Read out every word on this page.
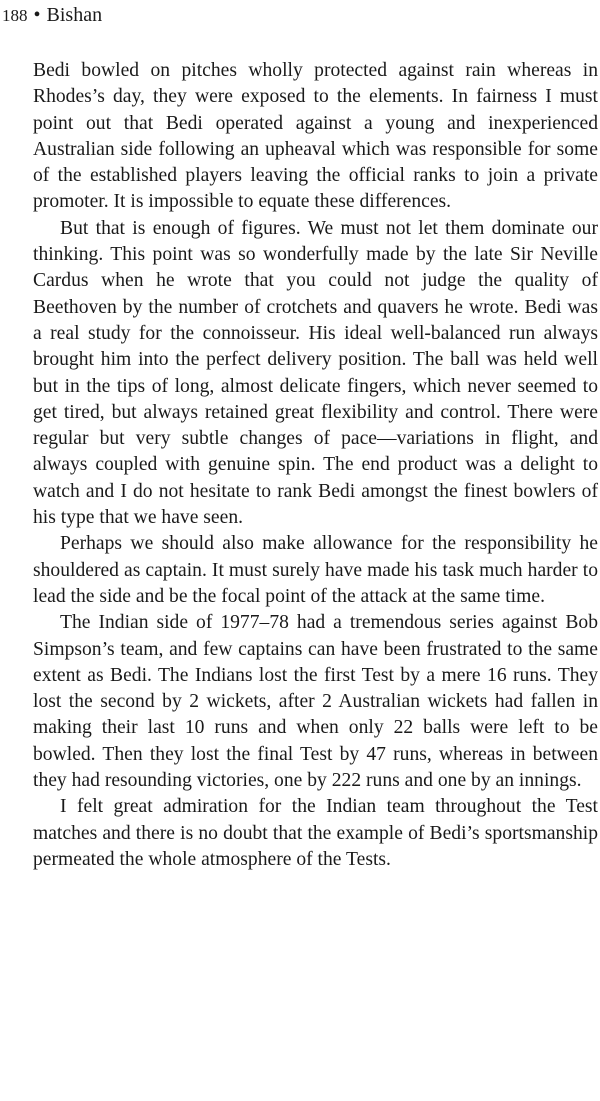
188 • Bishan

Bedi bowled on pitches wholly protected against rain whereas in Rhodes’s day, they were exposed to the elements. In fairness I must point out that Bedi operated against a young and inexperienced Australian side following an upheaval which was responsible for some of the established players leaving the official ranks to join a private promoter. It is impossible to equate these differences.

But that is enough of figures. We must not let them dominate our thinking. This point was so wonderfully made by the late Sir Neville Cardus when he wrote that you could not judge the quality of Beethoven by the number of crotchets and quavers he wrote. Bedi was a real study for the connoisseur. His ideal well-balanced run always brought him into the perfect delivery position. The ball was held well but in the tips of long, almost delicate fingers, which never seemed to get tired, but always retained great flexibility and control. There were regular but very subtle changes of pace—variations in flight, and always coupled with genuine spin. The end product was a delight to watch and I do not hesitate to rank Bedi amongst the finest bowlers of his type that we have seen.

Perhaps we should also make allowance for the responsibility he shouldered as captain. It must surely have made his task much harder to lead the side and be the focal point of the attack at the same time.

The Indian side of 1977–78 had a tremendous series against Bob Simpson’s team, and few captains can have been frustrated to the same extent as Bedi. The Indians lost the first Test by a mere 16 runs. They lost the second by 2 wickets, after 2 Australian wickets had fallen in making their last 10 runs and when only 22 balls were left to be bowled. Then they lost the final Test by 47 runs, whereas in between they had resounding victories, one by 222 runs and one by an innings.

I felt great admiration for the Indian team throughout the Test matches and there is no doubt that the example of Bedi’s sportsmanship permeated the whole atmosphere of the Tests.
